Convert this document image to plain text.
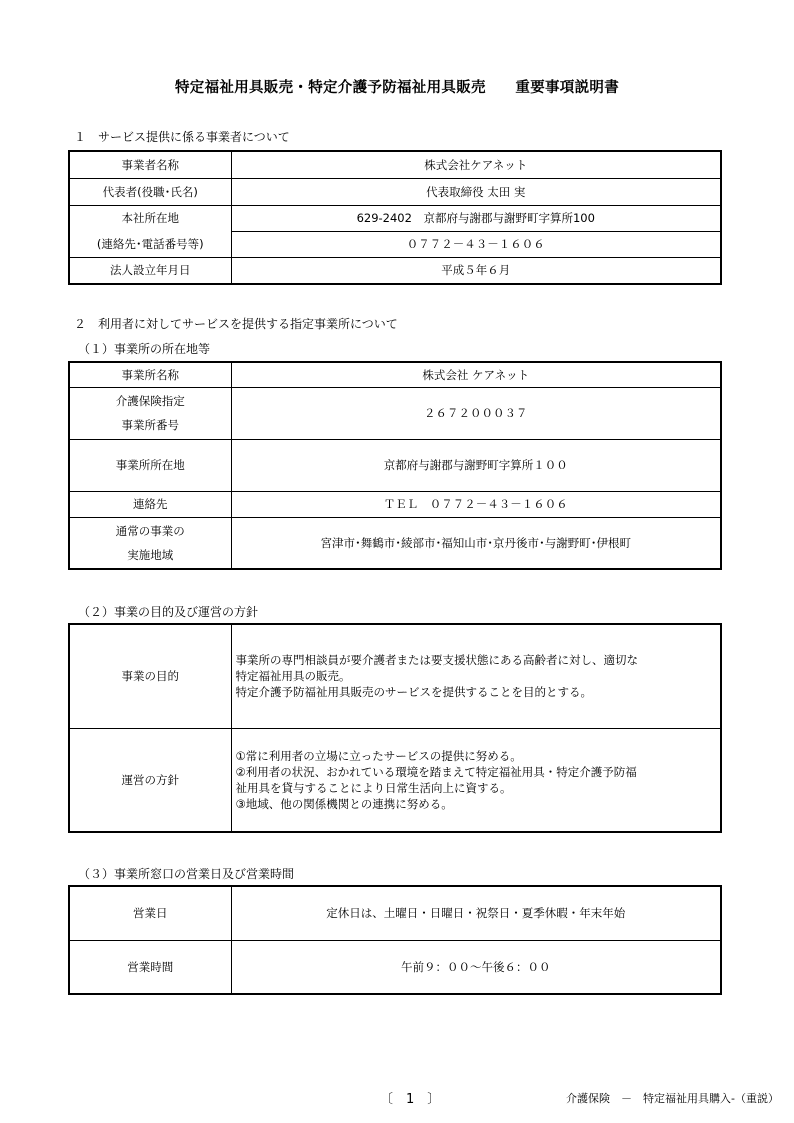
特定福祉用具販売・特定介護予防福祉用具販売　　重要事項説明書
１　サービス提供に係る事業者について
事業者名称	株式会社ケアネット
代表者(役職･氏名)	代表取締役 太田 実
本社所在地	629-2402　京都府与謝郡与謝野町字算所100
(連絡先･電話番号等)	０７７２－４３－１６０６
法人設立年月日	平成５年６月
２　利用者に対してサービスを提供する指定事業所について
（１）事業所の所在地等
事業所名称	株式会社 ケアネット

介護保険指定
事業所番号	２６７２０００３７
事業所所在地	京都府与謝郡与謝野町字算所１００
連絡先	ＴＥＬ　０７７２－４３－１６０６

通常の事業の
実施地域	宮津市･舞鶴市･綾部市･福知山市･京丹後市･与謝野町･伊根町
（２）事業の目的及び運営の方針
事業の目的	事業所の専門相談員が要介護者または要支援状態にある高齢者に対し、適切な
特定福祉用具の販売。
特定介護予防福祉用具販売のサービスを提供することを目的とする。

運営の方針	①常に利用者の立場に立ったサービスの提供に努める。
②利用者の状況、おかれている環境を踏まえて特定福祉用具・特定介護予防福
祉用具を貸与することにより日常生活向上に資する。
③地域、他の関係機関との連携に努める。
（３）事業所窓口の営業日及び営業時間
営業日	定休日は、土曜日・日曜日・祝祭日・夏季休暇・年末年始
営業時間	午前９：００～午後６：００
〔　1　〕	介護保険　－　特定福祉用具購入-（重説）
